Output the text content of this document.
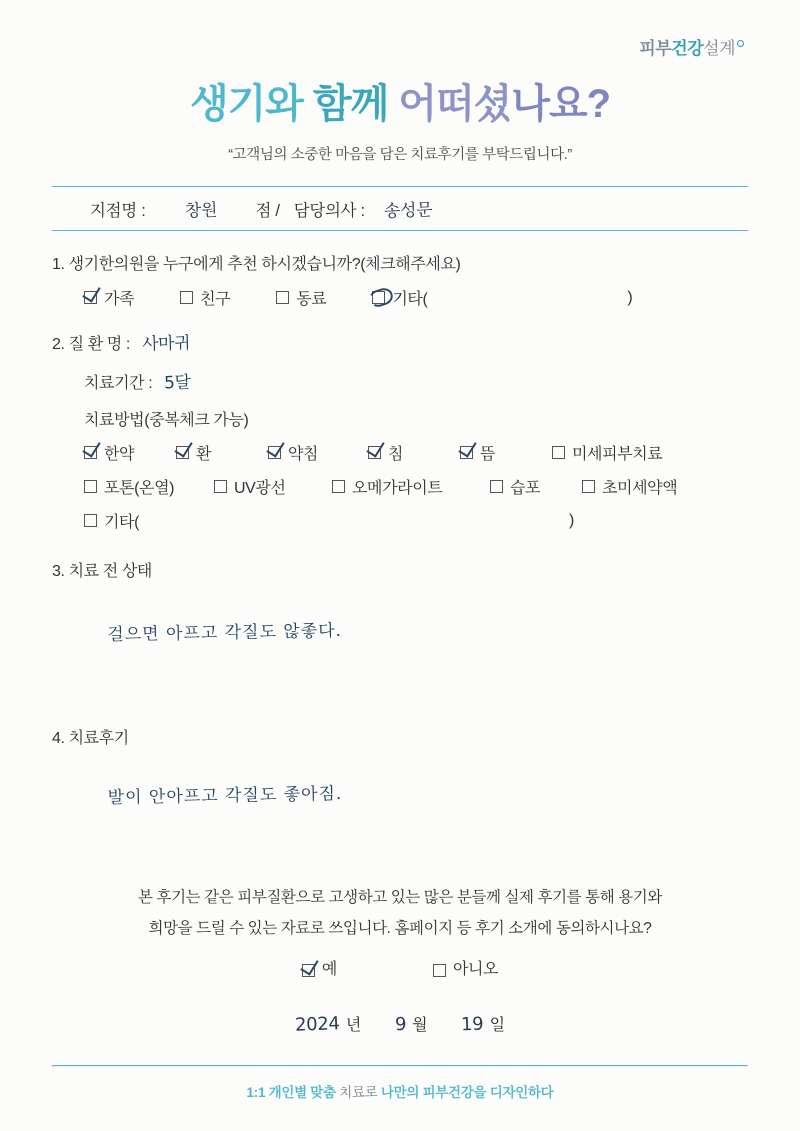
피부건강설계
생기와 함께 어떠셨나요?
“고객님의 소중한 마음을 담은 치료후기를 부탁드립니다.”
지점명 :	창원	점 / 담당의사 : 송성문
1. 생기한의원을 누구에게 추천 하시겠습니까?(체크해주세요)
가족	친구	동료	기타(	)
2. 질 환 명 : 사마귀
치료기간 : 5달
치료방법(중복체크 가능)
한약	환	약침	침	뜸	미세피부치료
포톤(온열)	UV광선	오메가라이트	습포	초미세약액
기타(	)
3. 치료 전 상태
걸으면 아프고 각질도 않좋다.
4. 치료후기
발이 안아프고 각질도 좋아짐.
본 후기는 같은 피부질환으로 고생하고 있는 많은 분들께 실제 후기를 통해 용기와
희망을 드릴 수 있는 자료로 쓰입니다. 홈페이지 등 후기 소개에 동의하시나요?
예	아니오
2024 년 9 월 19 일
1:1 개인별 맞춤 치료로 나만의 피부건강을 디자인하다
